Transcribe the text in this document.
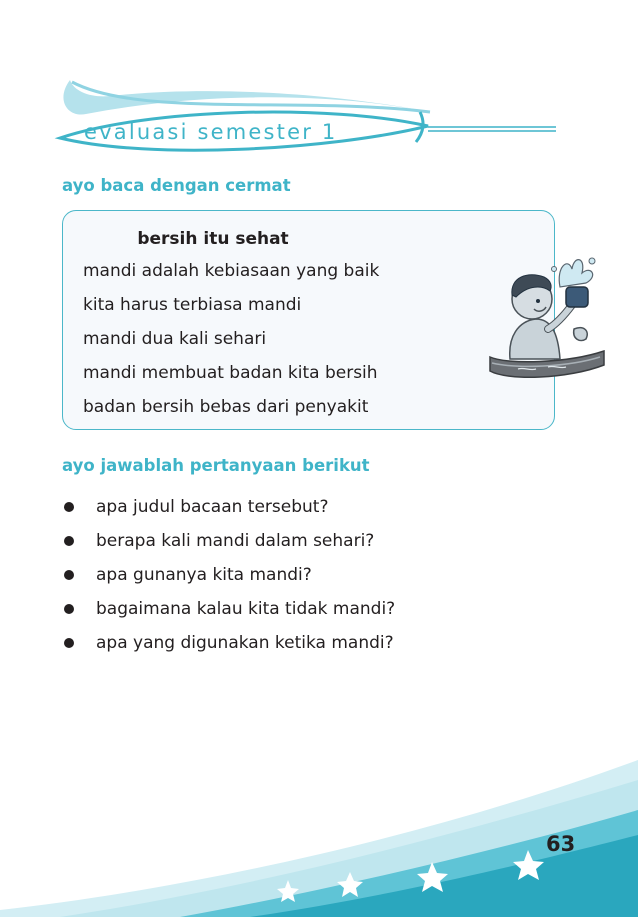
evaluasi semester 1
ayo baca dengan cermat
bersih itu sehat
mandi adalah kebiasaan yang baik
kita harus terbiasa mandi
mandi dua kali sehari
mandi membuat badan kita bersih
badan bersih bebas dari penyakit
ayo jawablah pertanyaan berikut
apa judul bacaan tersebut?
berapa kali mandi dalam sehari?
apa gunanya kita mandi?
bagaimana kalau kita tidak mandi?
apa yang digunakan ketika mandi?
63
